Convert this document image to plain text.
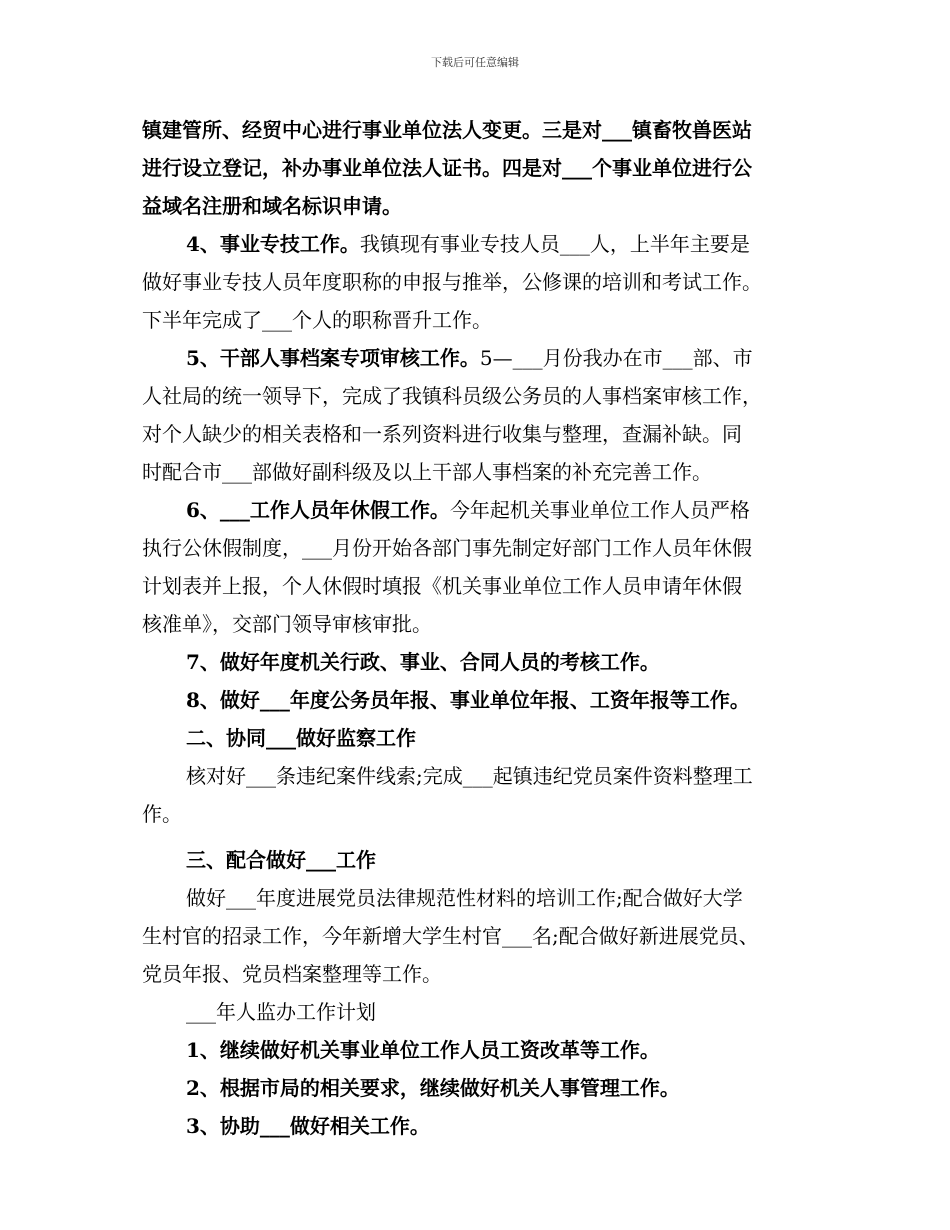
下载后可任意编辑
镇建管所、经贸中心进行事业单位法人变更。三是对___镇畜牧兽医站
进行设立登记，补办事业单位法人证书。四是对___个事业单位进行公
益域名注册和域名标识申请。
4、事业专技工作。我镇现有事业专技人员___人，上半年主要是
做好事业专技人员年度职称的申报与推举，公修课的培训和考试工作。
下半年完成了___个人的职称晋升工作。
5、干部人事档案专项审核工作。5—___月份我办在市___部、市
人社局的统一领导下，完成了我镇科员级公务员的人事档案审核工作，
对个人缺少的相关表格和一系列资料进行收集与整理，查漏补缺。同
时配合市___部做好副科级及以上干部人事档案的补充完善工作。
6、___工作人员年休假工作。今年起机关事业单位工作人员严格
执行公休假制度，___月份开始各部门事先制定好部门工作人员年休假
计划表并上报，个人休假时填报《机关事业单位工作人员申请年休假
核准单》，交部门领导审核审批。
7、做好年度机关行政、事业、合同人员的考核工作。
8、做好___年度公务员年报、事业单位年报、工资年报等工作。
二、协同___做好监察工作
核对好___条违纪案件线索;完成___起镇违纪党员案件资料整理工
作。
三、配合做好___工作
做好___年度进展党员法律规范性材料的培训工作;配合做好大学
生村官的招录工作，今年新增大学生村官___名;配合做好新进展党员、
党员年报、党员档案整理等工作。
___年人监办工作计划
1、继续做好机关事业单位工作人员工资改革等工作。
2、根据市局的相关要求，继续做好机关人事管理工作。
3、协助___做好相关工作。
